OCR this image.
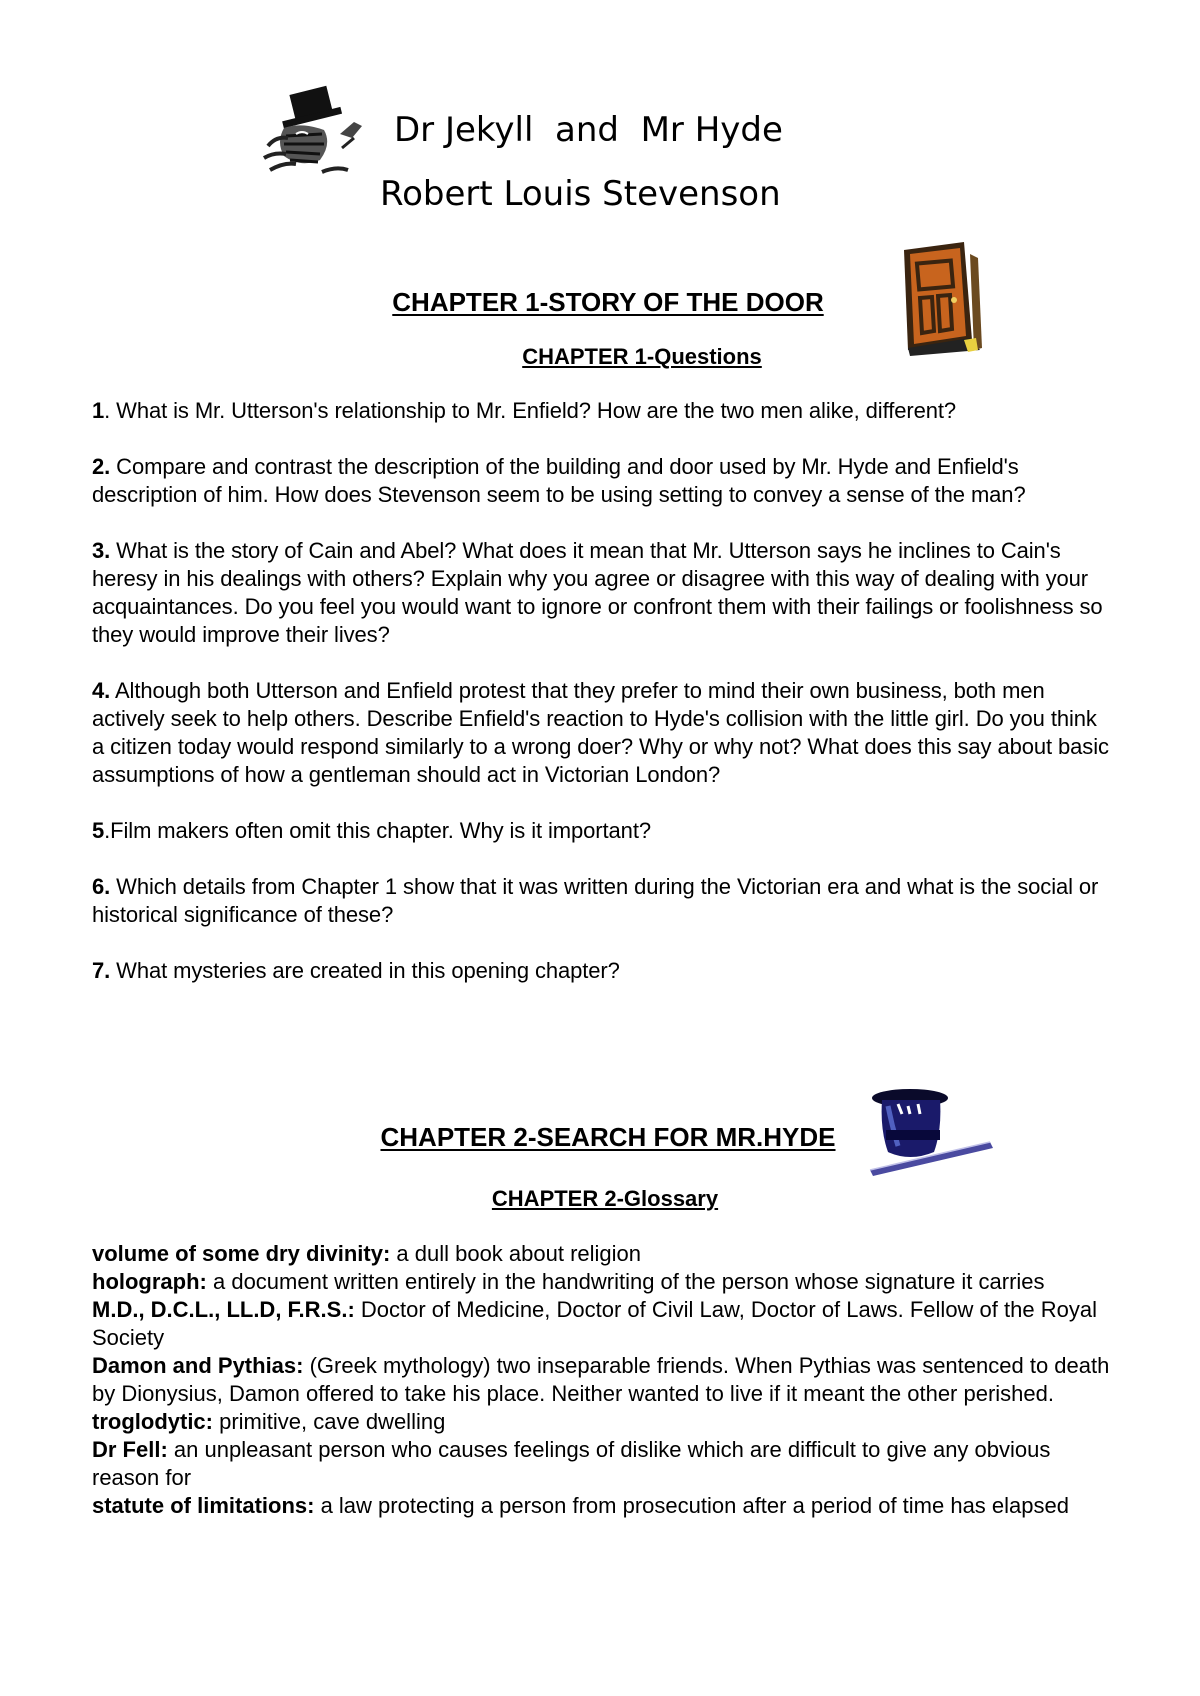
Dr Jekyll  and  Mr Hyde

Robert Louis Stevenson

CHAPTER 1-STORY OF THE DOOR
CHAPTER 1-Questions

1. What is Mr. Utterson's relationship to Mr. Enfield? How are the two men alike, different?

2. Compare and contrast the description of the building and door used by Mr. Hyde and Enfield's description of him. How does Stevenson seem to be using setting to convey a sense of the man?

3. What is the story of Cain and Abel? What does it mean that Mr. Utterson says he inclines to Cain's heresy in his dealings with others? Explain why you agree or disagree with this way of dealing with your acquaintances. Do you feel you would want to ignore or confront them with their failings or foolishness so they would improve their lives?

4. Although both Utterson and Enfield protest that they prefer to mind their own business, both men actively seek to help others. Describe Enfield's reaction to Hyde's collision with the little girl. Do you think a citizen today would respond similarly to a wrong doer? Why or why not? What does this say about basic assumptions of how a gentleman should act in Victorian London?

5.Film makers often omit this chapter. Why is it important?

6. Which details from Chapter 1 show that it was written during the Victorian era and what is the social or historical significance of these?

7. What mysteries are created in this opening chapter?

CHAPTER 2-SEARCH FOR MR.HYDE
CHAPTER 2-Glossary

volume of some dry divinity: a dull book about religion

holograph: a document written entirely in the handwriting of the person whose signature it carries

M.D., D.C.L., LL.D, F.R.S.: Doctor of Medicine, Doctor of Civil Law, Doctor of Laws. Fellow of the Royal Society

Damon and Pythias: (Greek mythology) two inseparable friends. When Pythias was sentenced to death by Dionysius, Damon offered to take his place. Neither wanted to live if it meant the other perished.

troglodytic: primitive, cave dwelling

Dr Fell: an unpleasant person who causes feelings of dislike which are difficult to give any obvious reason for

statute of limitations: a law protecting a person from prosecution after a period of time has elapsed
